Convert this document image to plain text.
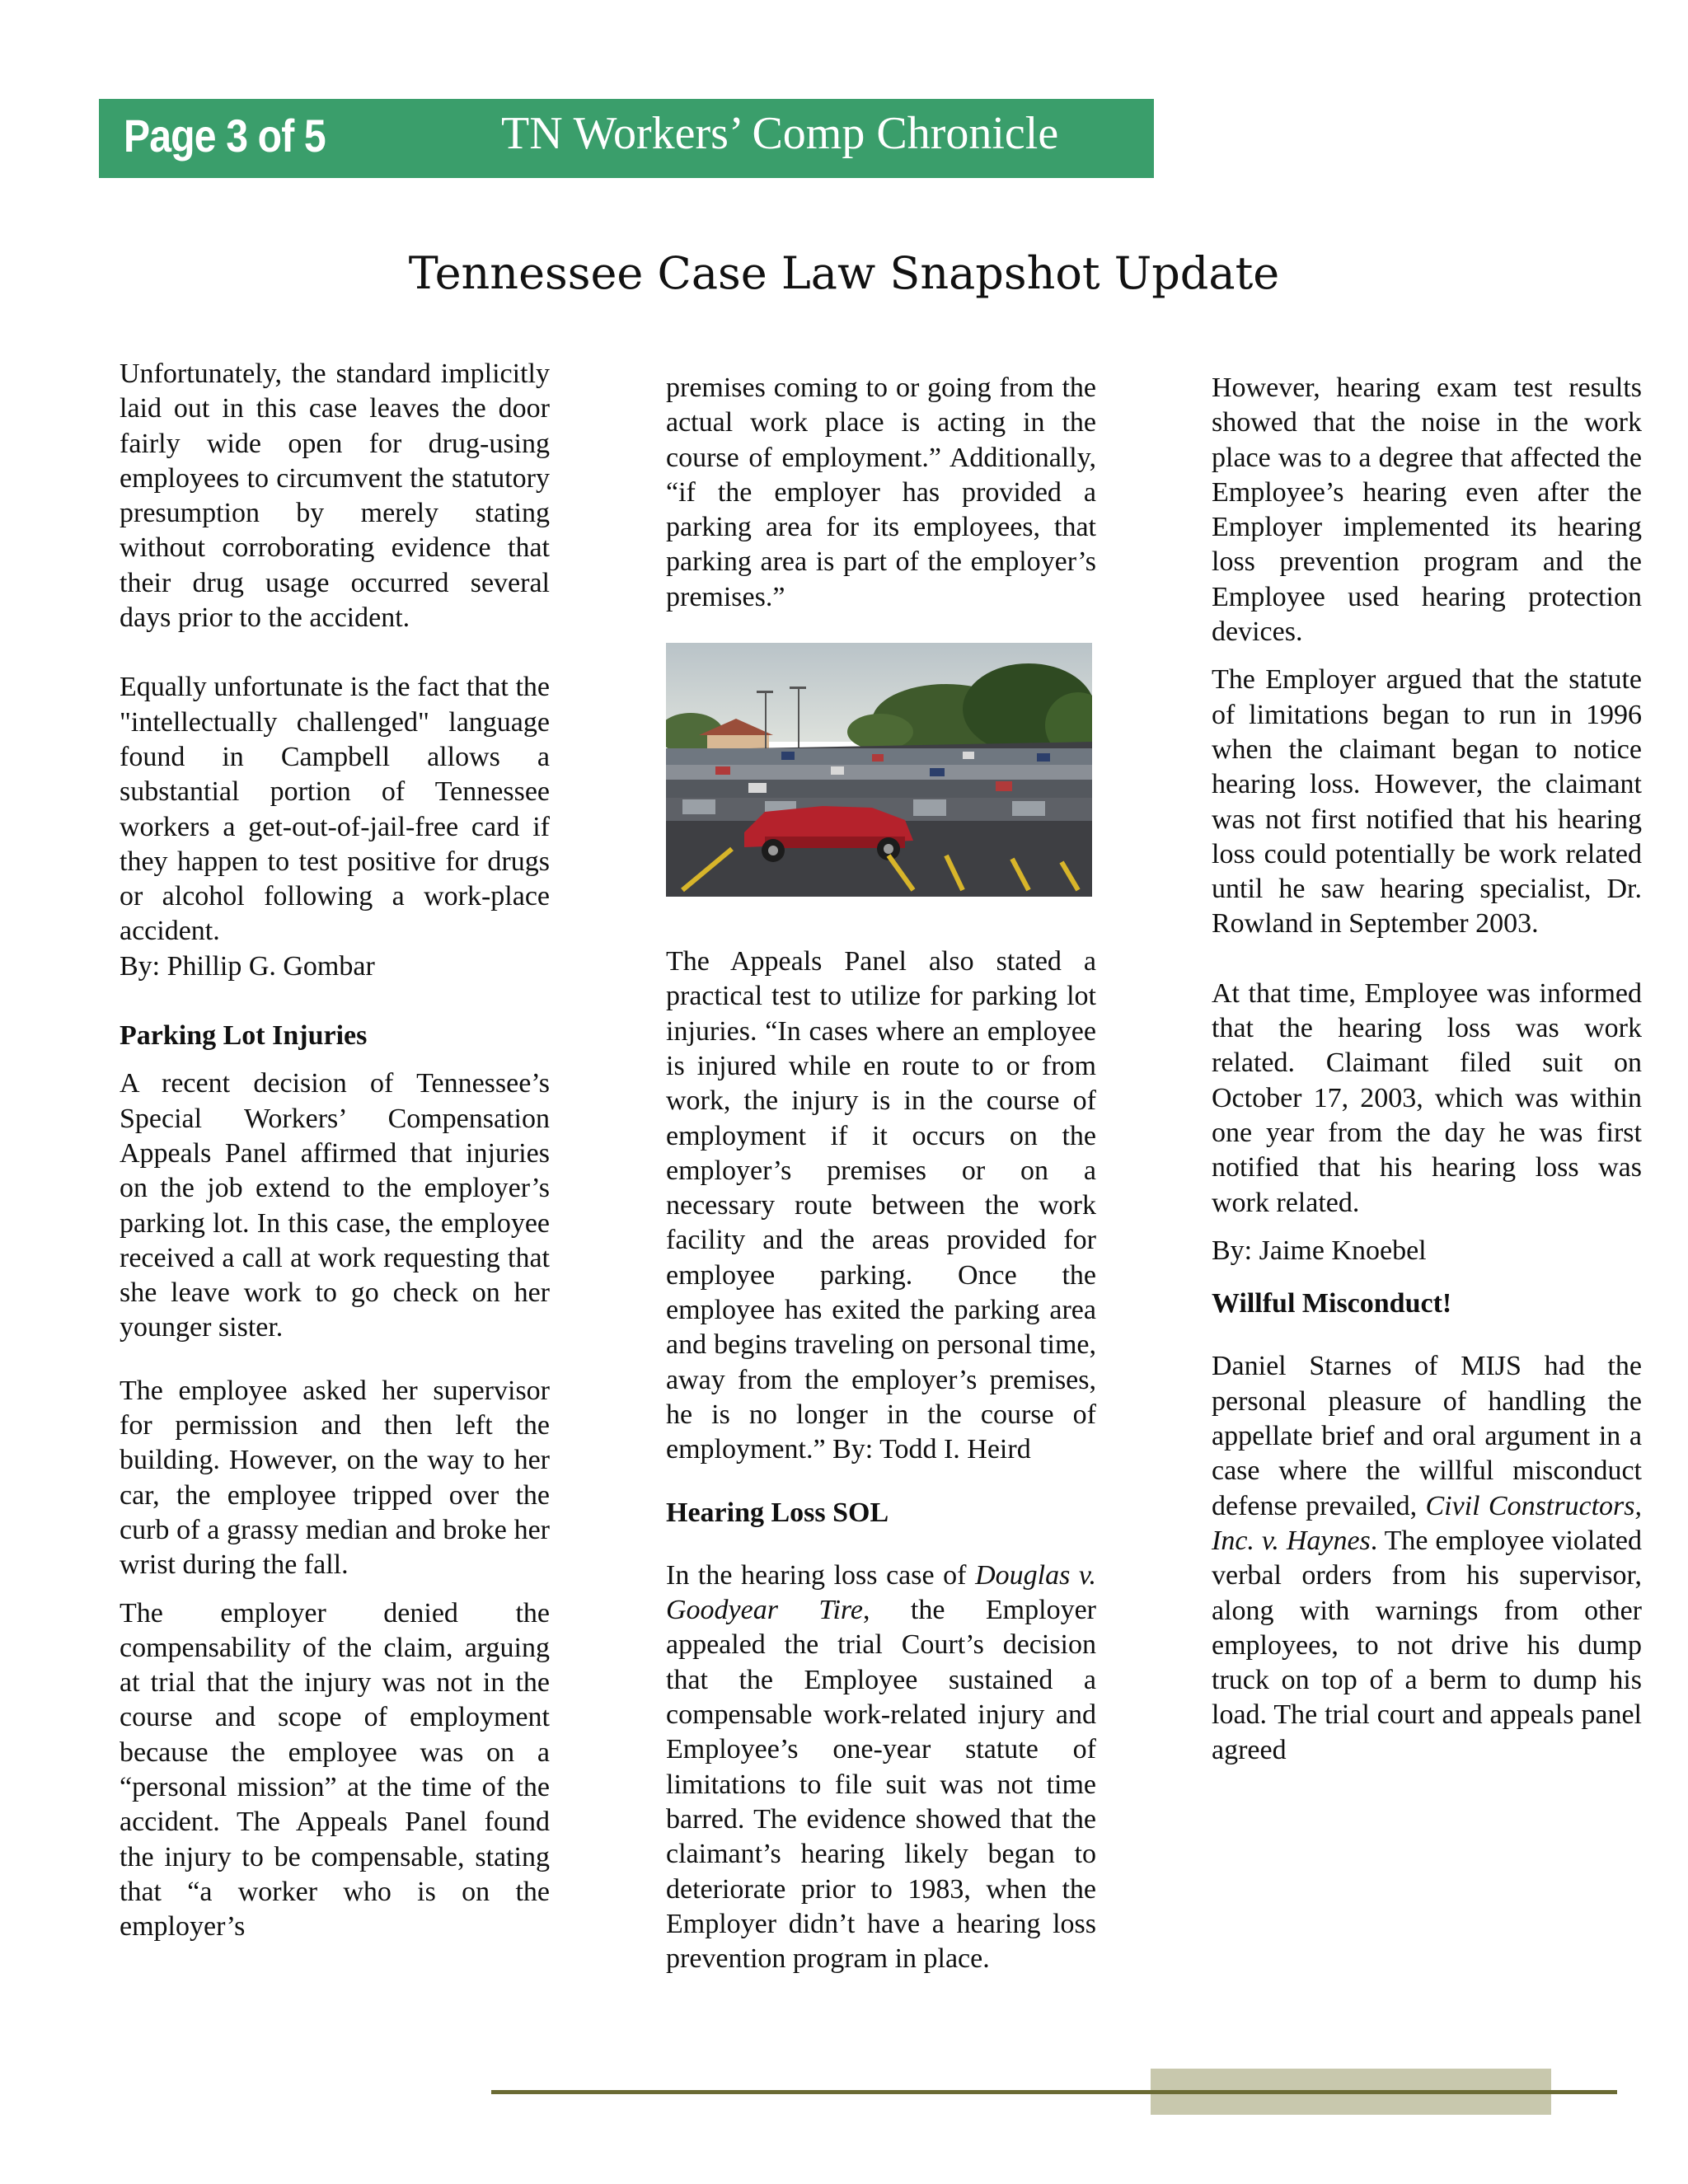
Page 3 of 5	TN Workers’ Comp Chronicle
Tennessee Case Law Snapshot Update

Unfortunately, the standard implicitly laid out in this case leaves the door fairly wide open for drug-using employees to circumvent the statutory presumption by merely stating without corroborating evidence that their drug usage occurred several days prior to the accident.

Equally unfortunate is the fact that the "intellectually challenged" language found in Campbell allows a substantial portion of Tennessee workers a get-out-of-jail-free card if they happen to test positive for drugs or alcohol following a work-place accident.

By: Phillip G. Gombar

Parking Lot Injuries

A recent decision of Tennessee’s Special Workers’ Compensation Appeals Panel affirmed that injuries on the job extend to the employer’s parking lot. In this case, the employee received a call at work requesting that she leave work to go check on her younger sister.

The employee asked her supervisor for permission and then left the building. However, on the way to her car, the employee tripped over the curb of a grassy median and broke her wrist during the fall.

The employer denied the compensability of the claim, arguing at trial that the injury was not in the course and scope of employment because the employee was on a “personal mission” at the time of the accident. The Appeals Panel found the injury to be compensable, stating that “a worker who is on the employer’s

premises coming to or going from the actual work place is acting in the course of employment.” Additionally, “if the employer has provided a parking area for its employees, that parking area is part of the employer’s premises.”

The Appeals Panel also stated a practical test to utilize for parking lot injuries. “In cases where an employee is injured while en route to or from work, the injury is in the course of employment if it occurs on the employer’s premises or on a necessary route between the work facility and the areas provided for employee parking. Once the employee has exited the parking area and begins traveling on personal time, away from the employer’s premises, he is no longer in the course of employment.” By: Todd I. Heird

Hearing Loss SOL

In the hearing loss case of Douglas v. Goodyear Tire, the Employer appealed the trial Court’s decision that the Employee sustained a compensable work-related injury and Employee’s one-year statute of limitations to file suit was not time barred. The evidence showed that the claimant’s hearing likely began to deteriorate prior to 1983, when the Employer didn’t have a hearing loss prevention program in place.

However, hearing exam test results showed that the noise in the work place was to a degree that affected the Employee’s hearing even after the Employer implemented its hearing loss prevention program and the Employee used hearing protection devices.

The Employer argued that the statute of limitations began to run in 1996 when the claimant began to notice hearing loss. However, the claimant was not first notified that his hearing loss could potentially be work related until he saw hearing specialist, Dr. Rowland in September 2003.

At that time, Employee was informed that the hearing loss was work related. Claimant filed suit on October 17, 2003, which was within one year from the day he was first notified that his hearing loss was work related.

By: Jaime Knoebel

Willful Misconduct!

Daniel Starnes of MIJS had the personal pleasure of handling the appellate brief and oral argument in a case where the willful misconduct defense prevailed, Civil Constructors, Inc. v. Haynes. The employee violated verbal orders from his supervisor, along with warnings from other employees, to not drive his dump truck on top of a berm to dump his load. The trial court and appeals panel agreed
